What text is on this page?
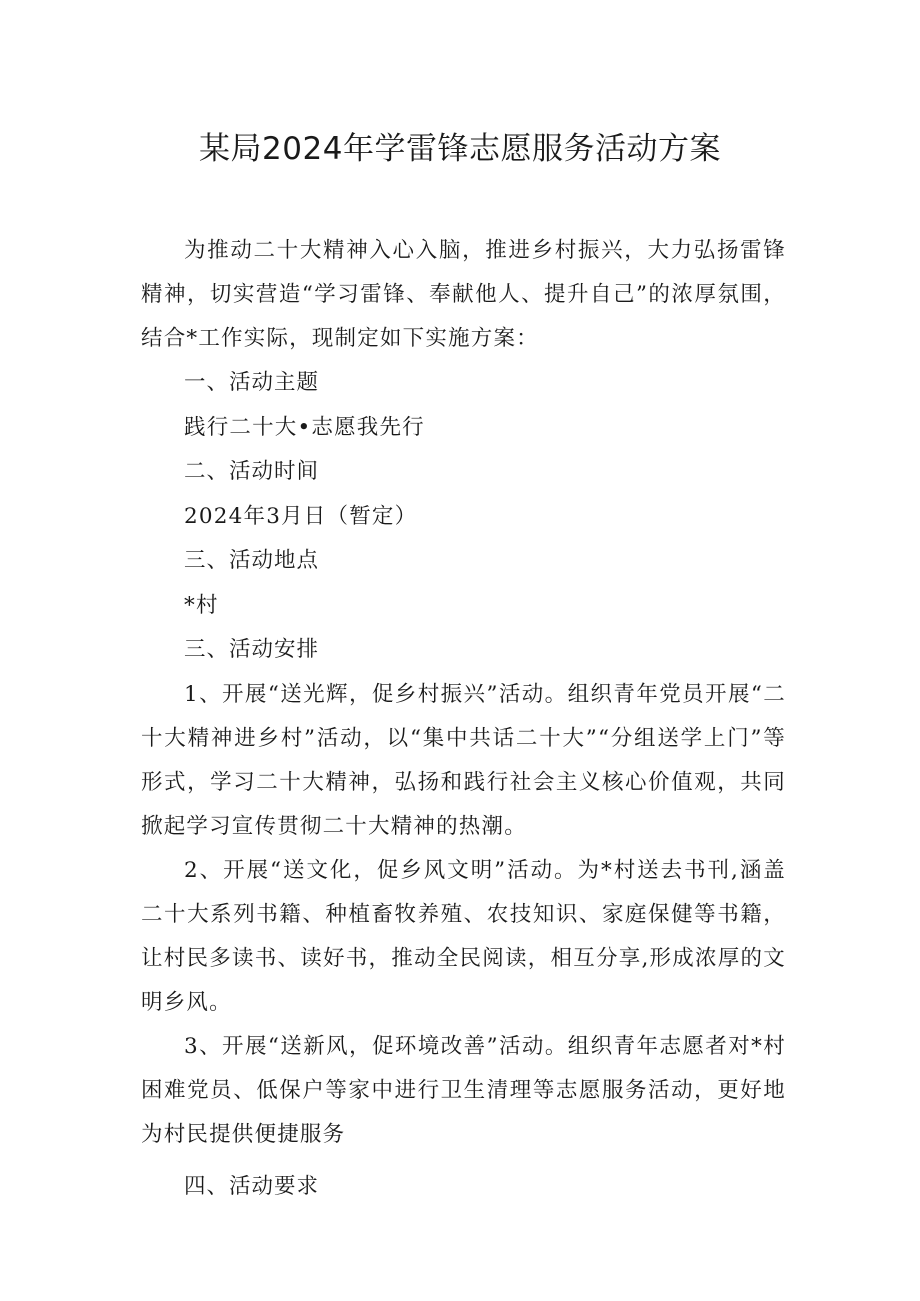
某局2024年学雷锋志愿服务活动方案

为推动二十大精神入心入脑，推进乡村振兴，大力弘扬雷锋精神，切实营造“学习雷锋、奉献他人、提升自己”的浓厚氛围，结合*工作实际，现制定如下实施方案：

一、活动主题

践行二十大•志愿我先行

二、活动时间

2024年3月日（暂定）

三、活动地点

*村

三、活动安排

1、开展“送光辉，促乡村振兴”活动。组织青年党员开展“二十大精神进乡村”活动，以“集中共话二十大”“分组送学上门”等形式，学习二十大精神，弘扬和践行社会主义核心价值观，共同掀起学习宣传贯彻二十大精神的热潮。

2、开展“送文化，促乡风文明”活动。为*村送去书刊,涵盖二十大系列书籍、种植畜牧养殖、农技知识、家庭保健等书籍，让村民多读书、读好书，推动全民阅读，相互分享,形成浓厚的文明乡风。

3、开展“送新风，促环境改善”活动。组织青年志愿者对*村困难党员、低保户等家中进行卫生清理等志愿服务活动，更好地为村民提供便捷服务

四、活动要求
